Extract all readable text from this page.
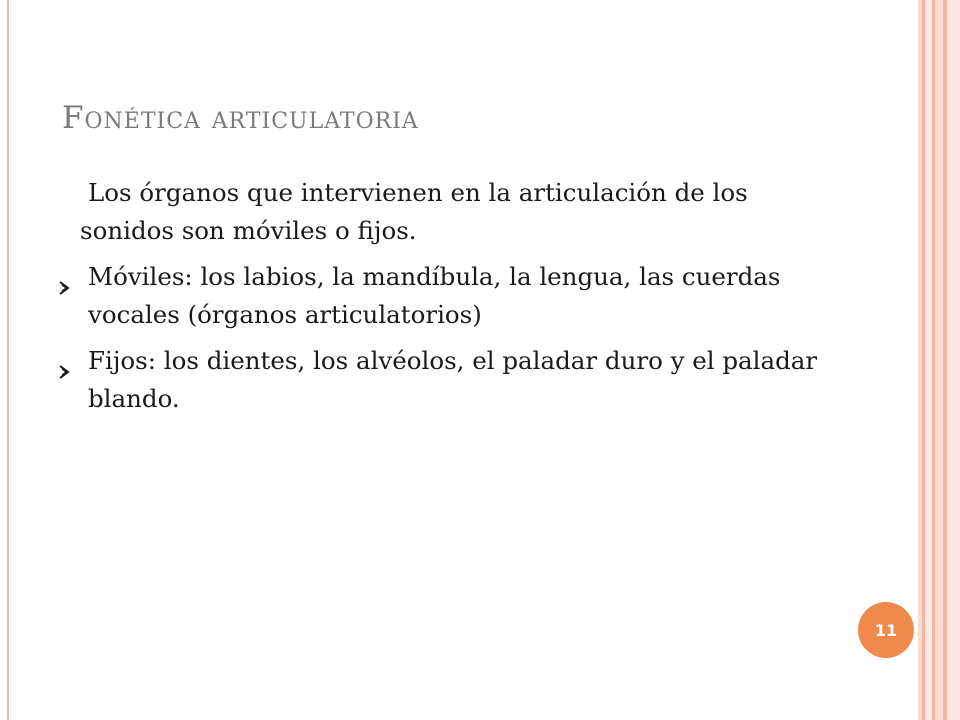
Fonética articulatoria

Los órganos que intervienen en la articulación de los sonidos son móviles o fijos.

Móviles: los labios, la mandíbula, la lengua, las cuerdas vocales (órganos articulatorios)

Fijos: los dientes, los alvéolos, el paladar duro y el paladar blando.

11
